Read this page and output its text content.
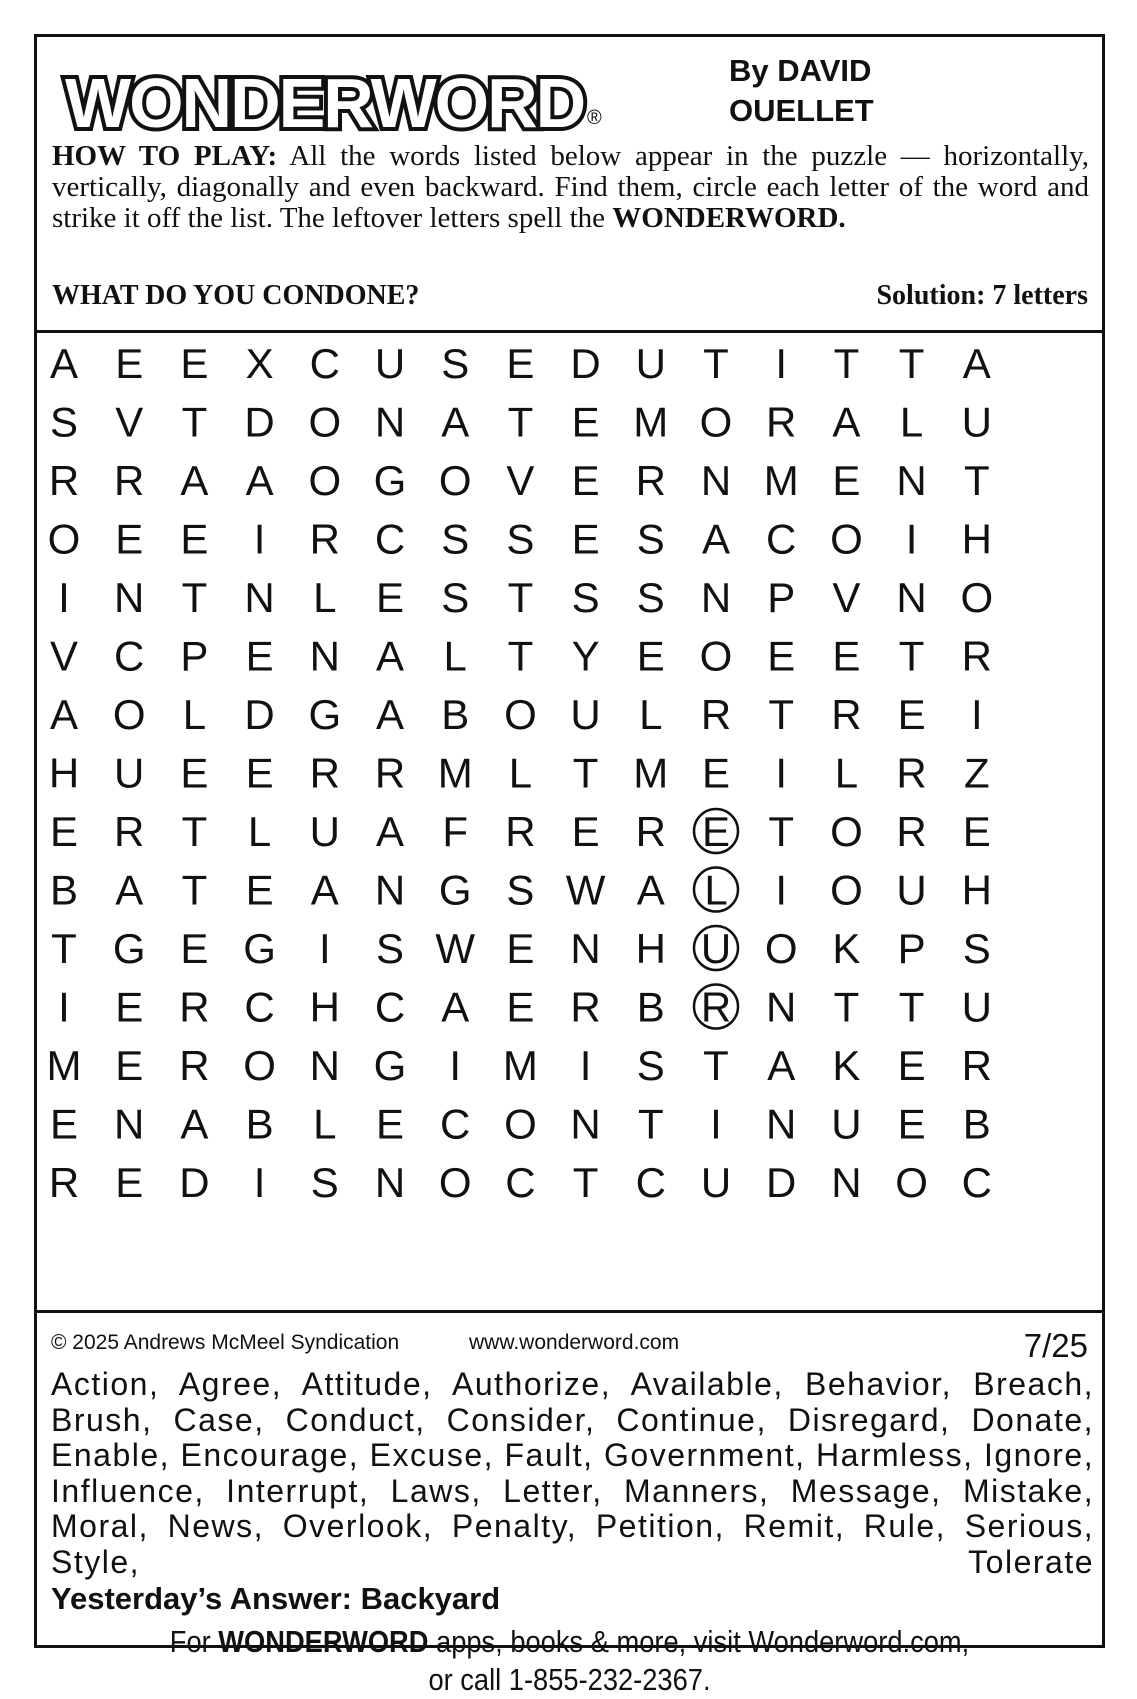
WONDERWORD ®
By DAVID
OUELLET
HOW TO PLAY: All the words listed below appear in the puzzle — horizontally, vertically, diagonally and even backward. Find them, circle each letter of the word and strike it off the list. The leftover letters spell the WONDERWORD.
WHAT DO YOU CONDONE?	Solution: 7 letters
A E E X C U S E D U T I T T A
S V T D O N A T E M O R A L U
R R A A O G O V E R N M E N T
O E E I R C S S E S A C O I H
I N T N L E S T S S N P V N O
V C P E N A L T Y E O E E T R
A O L D G A B O U L R T R E I
H U E E R R M L T M E I L R Z
E R T L U A F R E R E T O R E
B A T E A N G S W A L I O U H
T G E G I S W E N H U O K P S
I E R C H C A E R B R N T T U
M E R O N G I M I S T A K E R
E N A B L E C O N T I N U E B
R E D I S N O C T C U D N O C
© 2025 Andrews McMeel Syndication	www.wonderword.com	7/25
Action, Agree, Attitude, Authorize, Available, Behavior, Breach, Brush, Case, Conduct, Consider, Continue, Disregard, Donate, Enable, Encourage, Excuse, Fault, Government, Harmless, Ignore, Influence, Interrupt, Laws, Letter, Manners, Message, Mistake, Moral, News, Overlook, Penalty, Petition, Remit, Rule, Serious, Style,	Tolerate
Yesterday’s Answer: Backyard
For WONDERWORD apps, books & more, visit Wonderword.com,
or call 1-855-232-2367.
